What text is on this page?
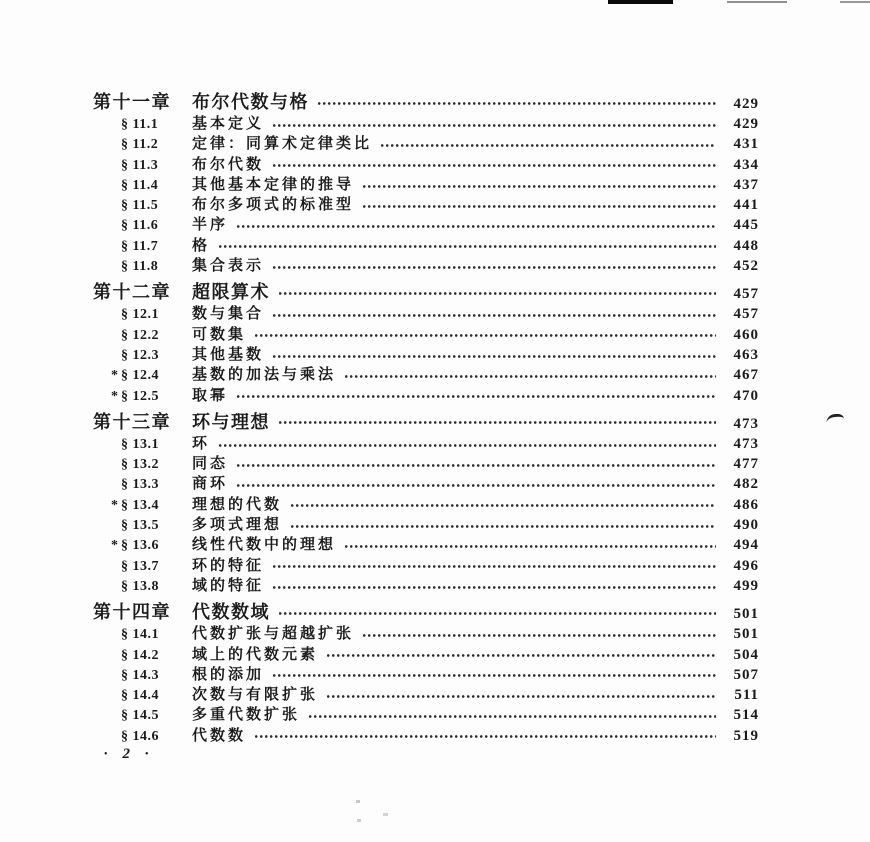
第十一章	布尔代数与格	429
§ 11.1	基本定义	429
§ 11.2	定律：同算术定律类比	431
§ 11.3	布尔代数	434
§ 11.4	其他基本定律的推导	437
§ 11.5	布尔多项式的标准型	441
§ 11.6	半序	445
§ 11.7	格	448
§ 11.8	集合表示	452
第十二章	超限算术	457
§ 12.1	数与集合	457
§ 12.2	可数集	460
§ 12.3	其他基数	463
* § 12.4	基数的加法与乘法	467
* § 12.5	取幂	470
第十三章	环与理想	473
§ 13.1	环	473
§ 13.2	同态	477
§ 13.3	商环	482
* § 13.4	理想的代数	486
§ 13.5	多项式理想	490
* § 13.6	线性代数中的理想	494
§ 13.7	环的特征	496
§ 13.8	域的特征	499
第十四章	代数数域	501
§ 14.1	代数扩张与超越扩张	501
§ 14.2	域上的代数元素	504
§ 14.3	根的添加	507
§ 14.4	次数与有限扩张	511
§ 14.5	多重代数扩张	514
§ 14.6	代数数	519
• 2 •
